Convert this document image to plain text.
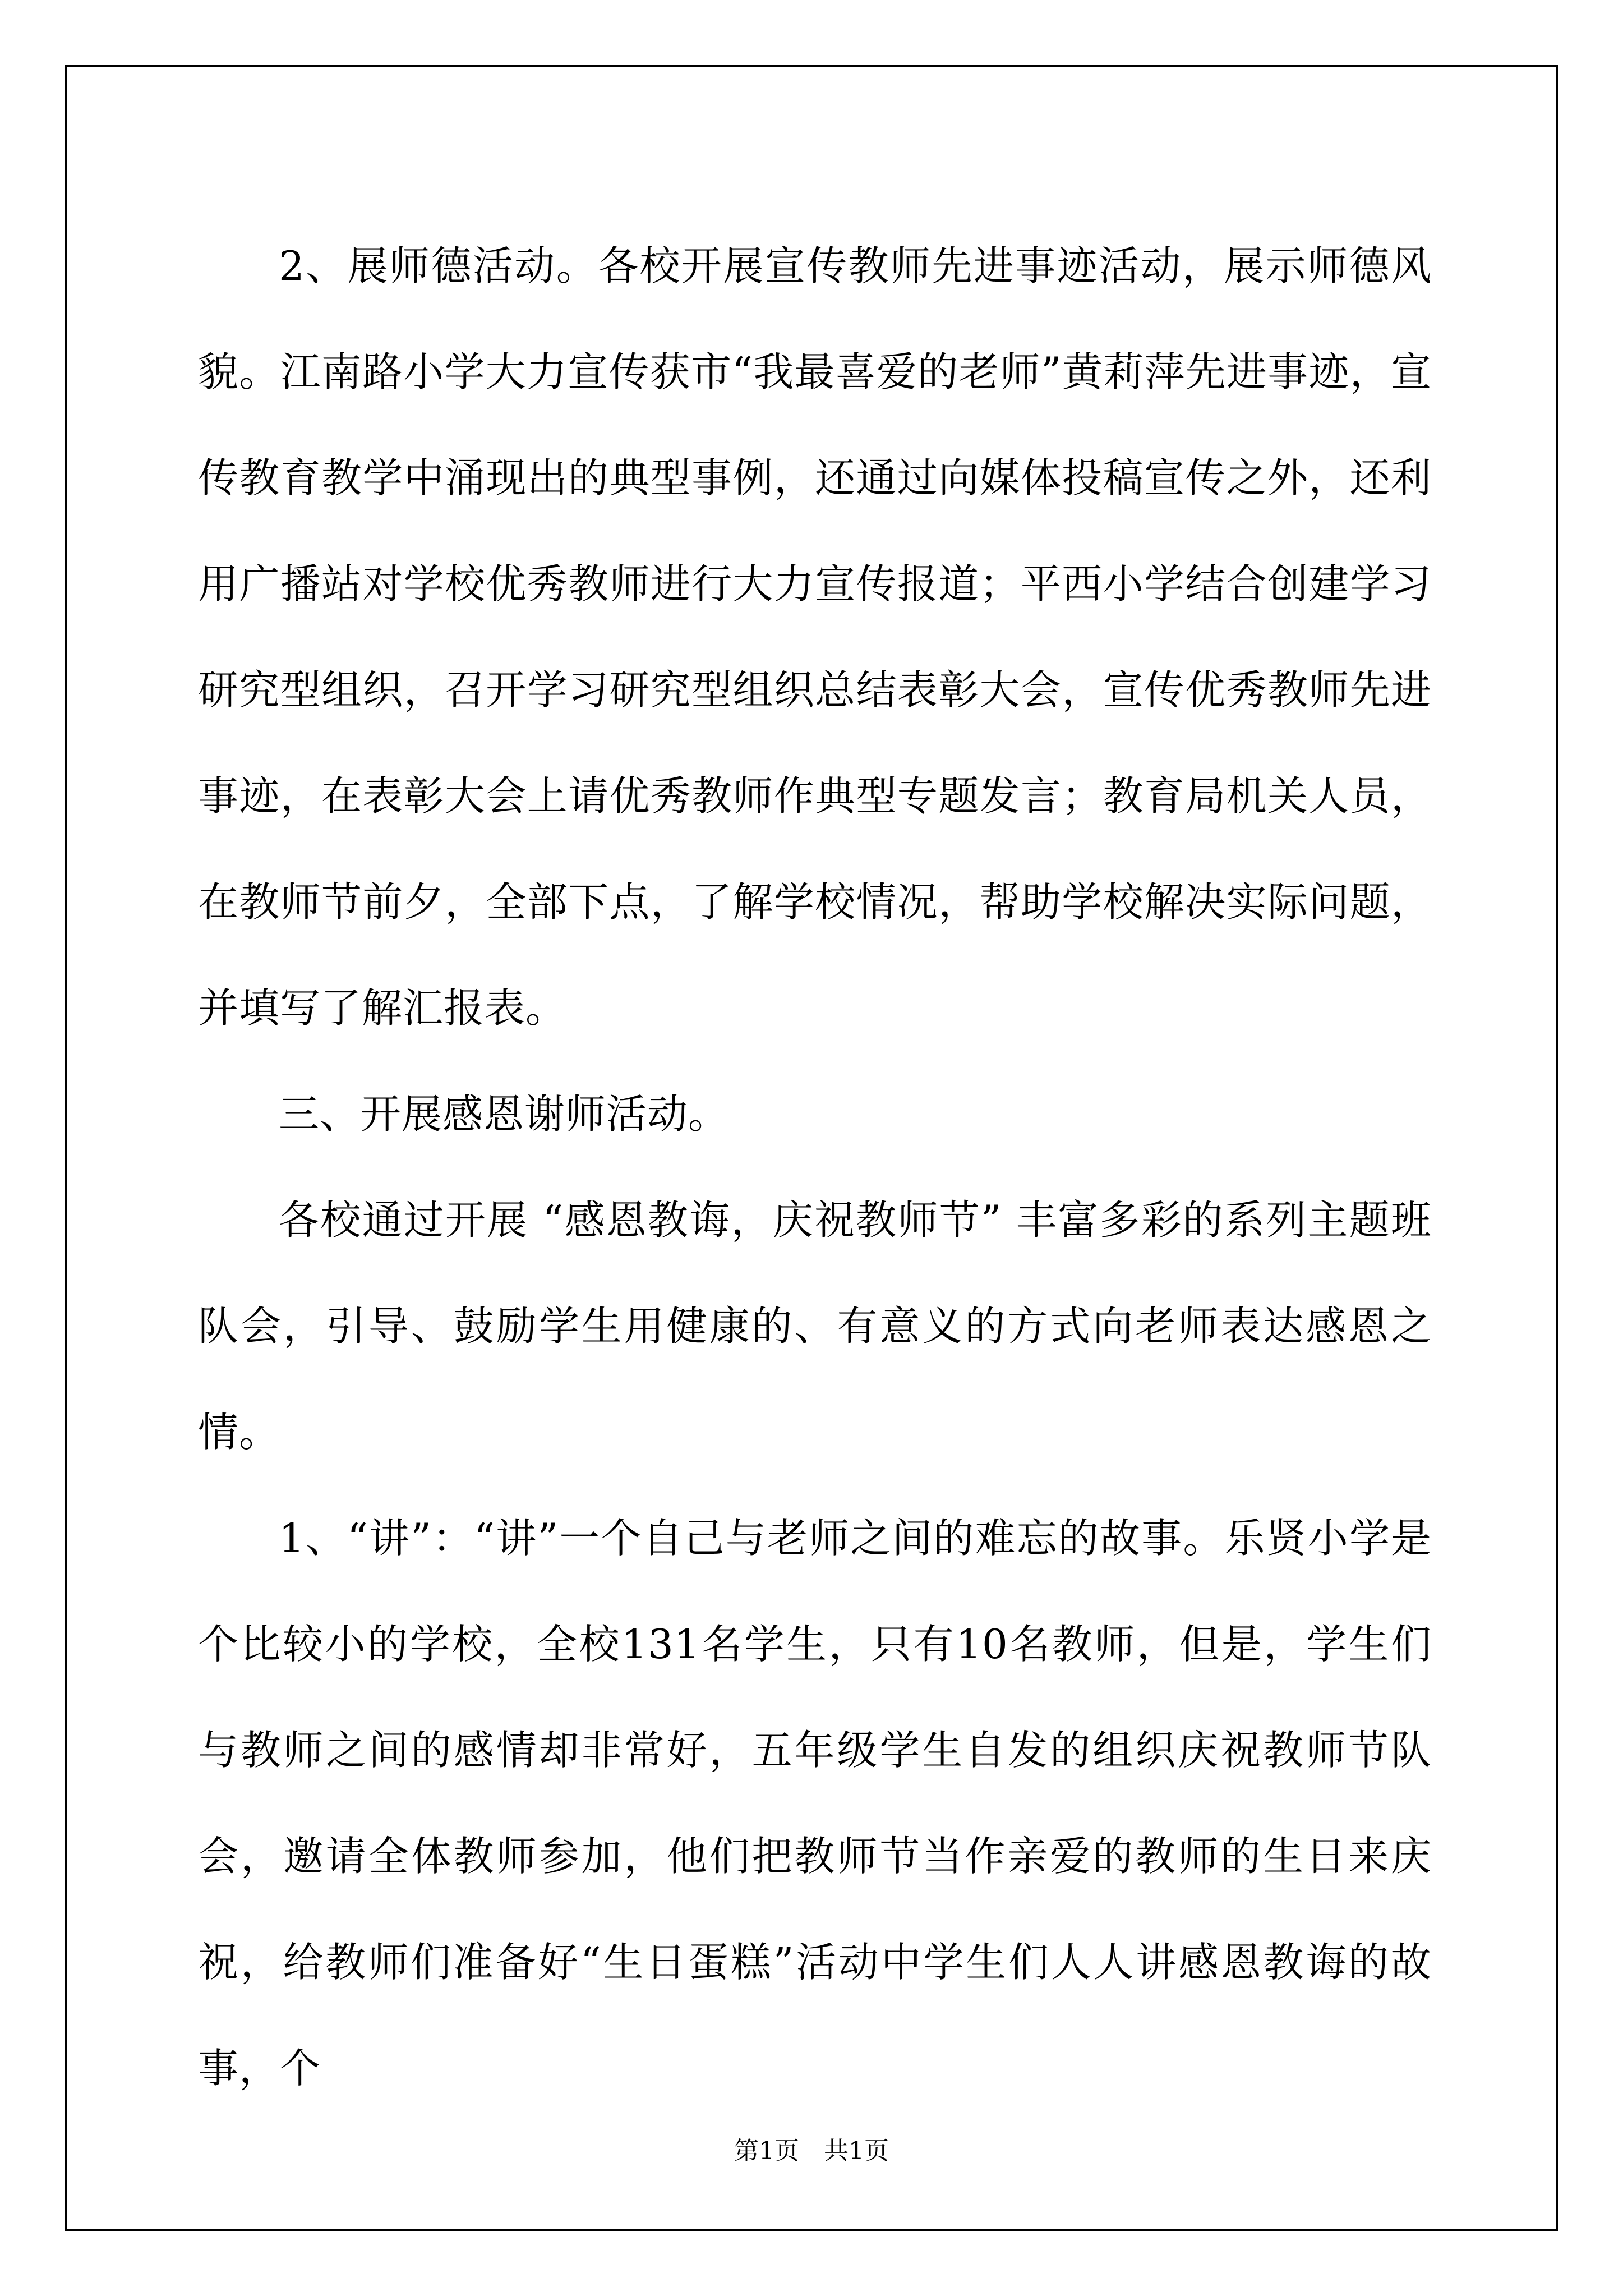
2、展师德活动。各校开展宣传教师先进事迹活动，展示师德风貌。江南路小学大力宣传获市“我最喜爱的老师”黄莉萍先进事迹，宣传教育教学中涌现出的典型事例，还通过向媒体投稿宣传之外，还利用广播站对学校优秀教师进行大力宣传报道；平西小学结合创建学习研究型组织，召开学习研究型组织总结表彰大会，宣传优秀教师先进事迹，在表彰大会上请优秀教师作典型专题发言；教育局机关人员，在教师节前夕，全部下点，了解学校情况，帮助学校解决实际问题，并填写了解汇报表。

三、开展感恩谢师活动。

各校通过开展 “感恩教诲，庆祝教师节” 丰富多彩的系列主题班队会，引导、鼓励学生用健康的、有意义的方式向老师表达感恩之情。

1、“讲”：“讲”一个自己与老师之间的难忘的故事。乐贤小学是个比较小的学校，全校131名学生，只有10名教师，但是，学生们与教师之间的感情却非常好，五年级学生自发的组织庆祝教师节队会，邀请全体教师参加，他们把教师节当作亲爱的教师的生日来庆祝，给教师们准备好“生日蛋糕”活动中学生们人人讲感恩教诲的故事，个

第1页 共1页
